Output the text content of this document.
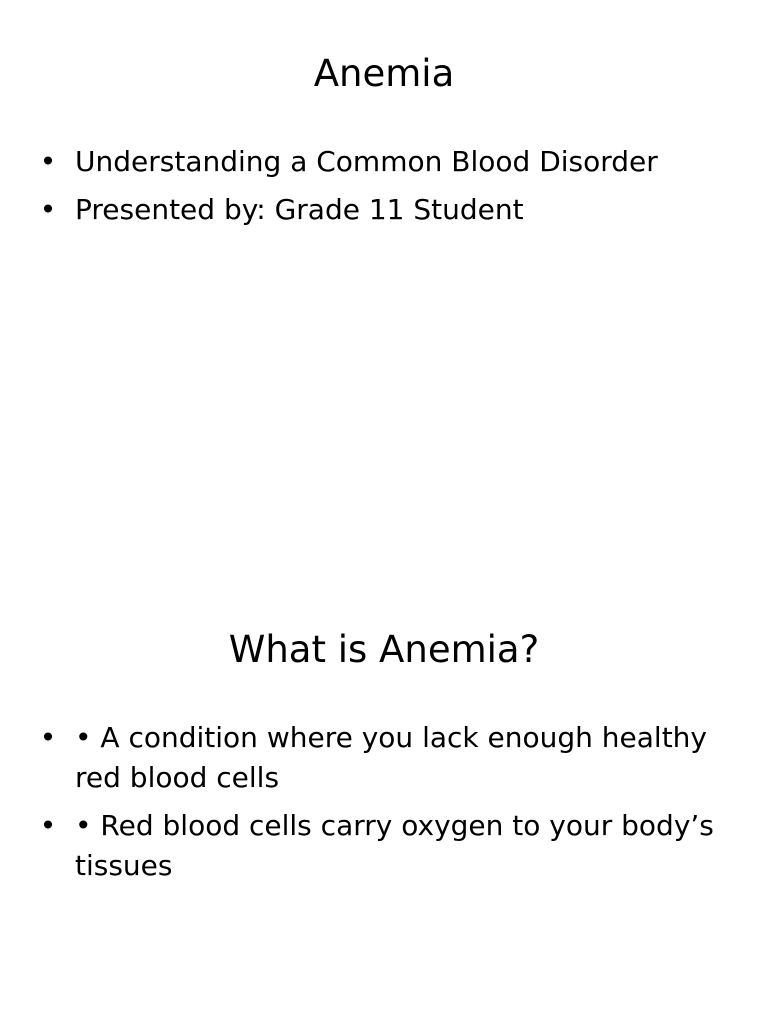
Anemia
• Understanding a Common Blood Disorder
• Presented by: Grade 11 Student
What is Anemia?
• • A condition where you lack enough healthy red blood cells
• • Red blood cells carry oxygen to your body’s tissues
